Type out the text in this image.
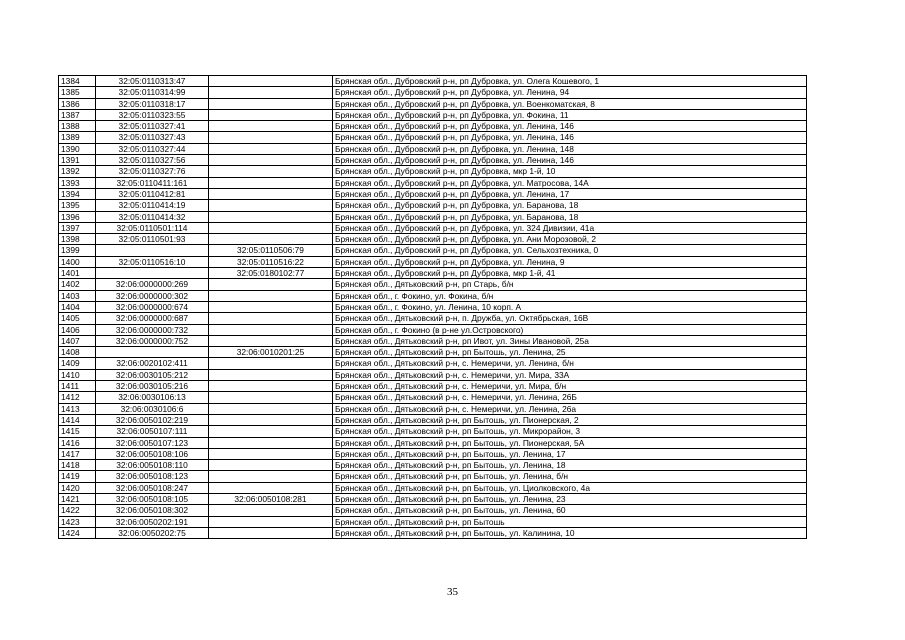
1384	32:05:0110313:47		Брянская обл., Дубровский р-н, рп Дубровка, ул. Олега Кошевого, 1
1385	32:05:0110314:99		Брянская обл., Дубровский р-н, рп Дубровка, ул. Ленина, 94
1386	32:05:0110318:17		Брянская обл., Дубровский р-н, рп Дубровка, ул. Военкоматская, 8
1387	32:05:0110323:55		Брянская обл., Дубровский р-н, рп Дубровка, ул. Фокина, 11
1388	32:05:0110327:41		Брянская обл., Дубровский р-н, рп Дубровка, ул. Ленина, 146
1389	32:05:0110327:43		Брянская обл., Дубровский р-н, рп Дубровка, ул. Ленина, 146
1390	32:05:0110327:44		Брянская обл., Дубровский р-н, рп Дубровка, ул. Ленина, 148
1391	32:05:0110327:56		Брянская обл., Дубровский р-н, рп Дубровка, ул. Ленина, 146
1392	32:05:0110327:76		Брянская обл., Дубровский р-н, рп Дубровка, мкр 1-й, 10
1393	32:05:0110411:161		Брянская обл., Дубровский р-н, рп Дубровка, ул. Матросова, 14А
1394	32:05:0110412:81		Брянская обл., Дубровский р-н, рп Дубровка, ул. Ленина, 17
1395	32:05:0110414:19		Брянская обл., Дубровский р-н, рп Дубровка, ул. Баранова, 18
1396	32:05:0110414:32		Брянская обл., Дубровский р-н, рп Дубровка, ул. Баранова, 18
1397	32:05:0110501:114		Брянская обл., Дубровский р-н, рп Дубровка, ул. 324 Дивизии, 41а
1398	32:05:0110501:93		Брянская обл., Дубровский р-н, рп Дубровка, ул. Ани Морозовой, 2
1399		32:05:0110506:79	Брянская обл., Дубровский р-н, рп Дубровка, ул. Сельхозтехника, 0
1400	32:05:0110516:10	32:05:0110516:22	Брянская обл., Дубровский р-н, рп Дубровка, ул. Ленина, 9
1401		32:05:0180102:77	Брянская обл., Дубровский р-н, рп Дубровка, мкр 1-й, 41
1402	32:06:0000000:269		Брянская обл., Дятьковский р-н, рп Старь, б/н
1403	32:06:0000000:302		Брянская обл., г. Фокино, ул. Фокина, б/н
1404	32:06:0000000:674		Брянская обл., г. Фокино, ул. Ленина, 10 корп. А
1405	32:06:0000000:687		Брянская обл., Дятьковский р-н, п. Дружба, ул. Октябрьская, 16В
1406	32:06:0000000:732		Брянская обл., г. Фокино (в р-не ул.Островского)
1407	32:06:0000000:752		Брянская обл., Дятьковский р-н, рп Ивот, ул. Зины Ивановой, 25а
1408		32:06:0010201:25	Брянская обл., Дятьковский р-н, рп Бытошь, ул. Ленина, 25
1409	32:06:0020102:411		Брянская обл., Дятьковский р-н, с. Немеричи, ул. Ленина, б/н
1410	32:06:0030105:212		Брянская обл., Дятьковский р-н, с. Немеричи, ул. Мира, 33А
1411	32:06:0030105:216		Брянская обл., Дятьковский р-н, с. Немеричи, ул. Мира, б/н
1412	32:06:0030106:13		Брянская обл., Дятьковский р-н, с. Немеричи, ул. Ленина, 26Б
1413	32:06:0030106:6		Брянская обл., Дятьковский р-н, с. Немеричи, ул. Ленина, 26а
1414	32:06:0050102:219		Брянская обл., Дятьковский р-н, рп Бытошь, ул. Пионерская, 2
1415	32:06:0050107:111		Брянская обл., Дятьковский р-н, рп Бытошь, ул. Микрорайон, 3
1416	32:06:0050107:123		Брянская обл., Дятьковский р-н, рп Бытошь, ул. Пионерская, 5А
1417	32:06:0050108:106		Брянская обл., Дятьковский р-н, рп Бытошь, ул. Ленина, 17
1418	32:06:0050108:110		Брянская обл., Дятьковский р-н, рп Бытошь, ул. Ленина, 18
1419	32:06:0050108:123		Брянская обл., Дятьковский р-н, рп Бытошь, ул. Ленина, б/н
1420	32:06:0050108:247		Брянская обл., Дятьковский р-н, рп Бытошь, ул. Циолковского, 4а
1421	32:06:0050108:105	32:06:0050108:281	Брянская обл., Дятьковский р-н, рп Бытошь, ул. Ленина, 23
1422	32:06:0050108:302		Брянская обл., Дятьковский р-н, рп Бытошь, ул. Ленина, 60
1423	32:06:0050202:191		Брянская обл., Дятьковский р-н, рп Бытошь
1424	32:06:0050202:75		Брянская обл., Дятьковский р-н, рп Бытошь, ул. Калинина, 10
35
